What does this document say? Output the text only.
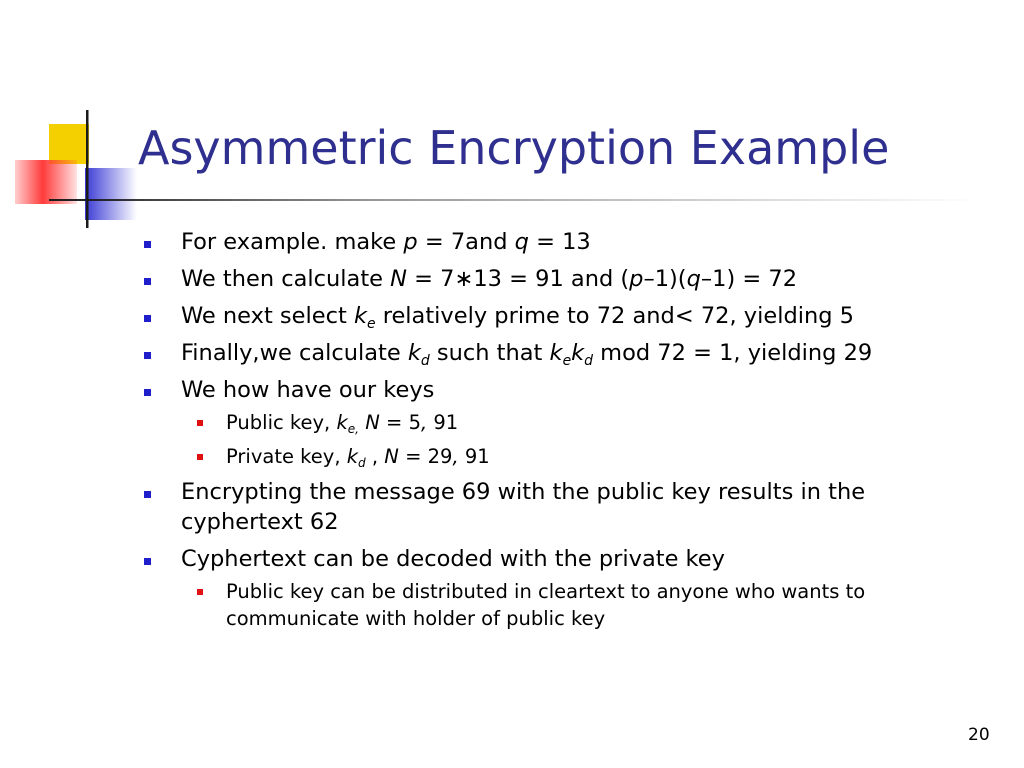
Asymmetric Encryption Example
For example. make p = 7and q = 13
We then calculate N = 7∗13 = 91 and (p–1)(q–1) = 72
We next select $k_e$ relatively prime to 72 and< 72, yielding 5
Finally,we calculate $k_d$ such that $k_ek_d$ mod 72 = 1, yielding 29
We how have our keys
Public key, $k_{e,}$ N = 5, 91
Private key, $k_d$ , N = 29, 91
Encrypting the message 69 with the public key results in the cyphertext 62
Cyphertext can be decoded with the private key
Public key can be distributed in cleartext to anyone who wants to communicate with holder of public key
20
